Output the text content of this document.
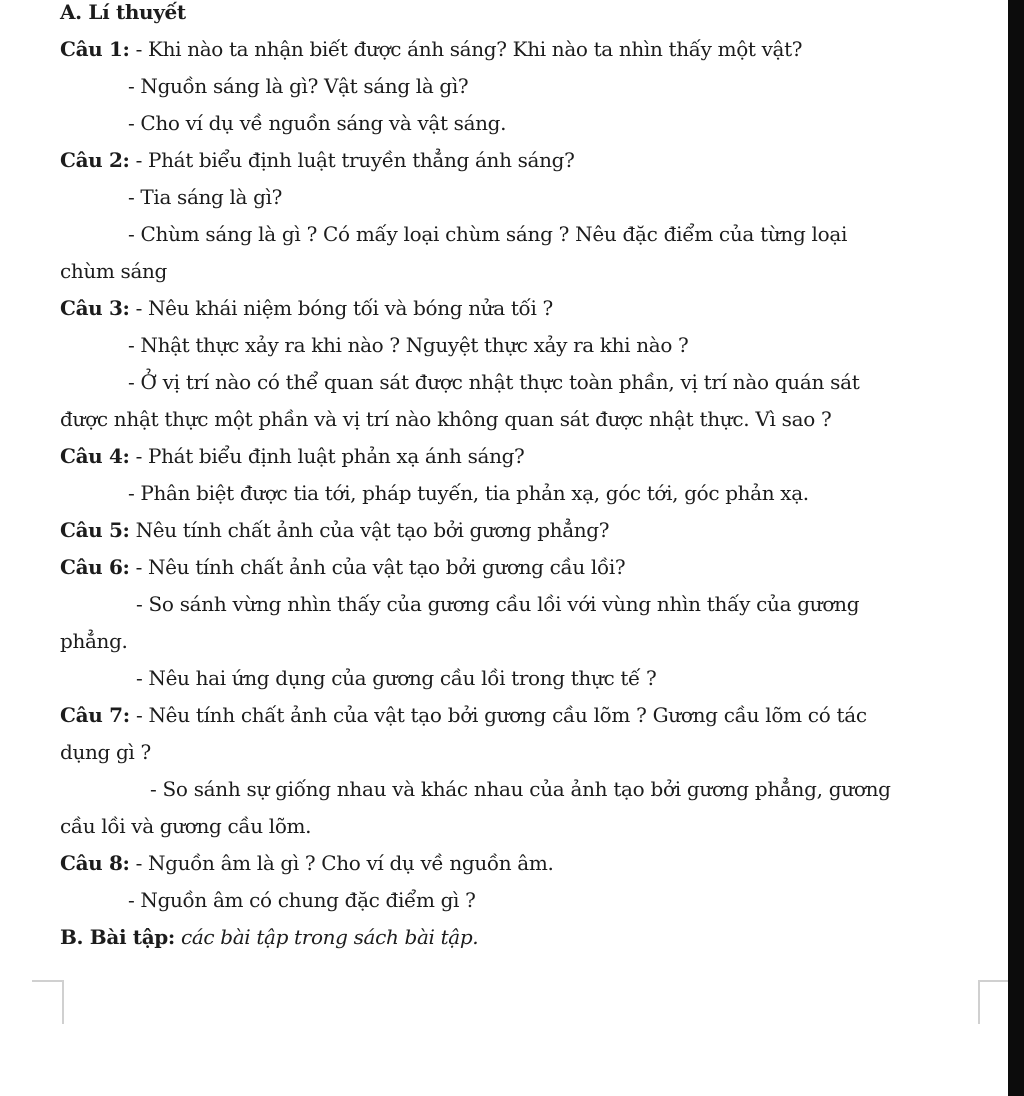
A. Lí thuyết
Câu 1: - Khi nào ta nhận biết được ánh sáng? Khi nào ta nhìn thấy một vật?
- Nguồn sáng là gì? Vật sáng là gì?
- Cho ví dụ về nguồn sáng và vật sáng.
Câu 2: - Phát biểu định luật truyền thẳng ánh sáng?
- Tia sáng là gì?
- Chùm sáng là gì ? Có mấy loại chùm sáng ? Nêu đặc điểm của từng loại
chùm sáng
Câu 3: - Nêu khái niệm bóng tối và bóng nửa tối ?
- Nhật thực xảy ra khi nào ? Nguyệt thực xảy ra khi nào ?
- Ở vị trí nào có thể quan sát được nhật thực toàn phần, vị trí nào quán sát
được nhật thực một phần và vị trí nào không quan sát được nhật thực. Vì sao ?
Câu 4: - Phát biểu định luật phản xạ ánh sáng?
- Phân biệt được tia tới, pháp tuyến, tia phản xạ, góc tới, góc phản xạ.
Câu 5: Nêu tính chất ảnh của vật tạo bởi gương phẳng?
Câu 6: - Nêu tính chất ảnh của vật tạo bởi gương cầu lồi?
- So sánh vừng nhìn thấy của gương cầu lồi với vùng nhìn thấy của gương
phẳng.
- Nêu hai ứng dụng của gương cầu lồi trong thực tế ?
Câu 7: - Nêu tính chất ảnh của vật tạo bởi gương cầu lõm ? Gương cầu lõm có tác
dụng gì ?
- So sánh sự giống nhau và khác nhau của ảnh tạo bởi gương phẳng, gương
cầu lồi và gương cầu lõm.
Câu 8: - Nguồn âm là gì ? Cho ví dụ về nguồn âm.
- Nguồn âm có chung đặc điểm gì ?
B. Bài tập: các bài tập trong sách bài tập.
